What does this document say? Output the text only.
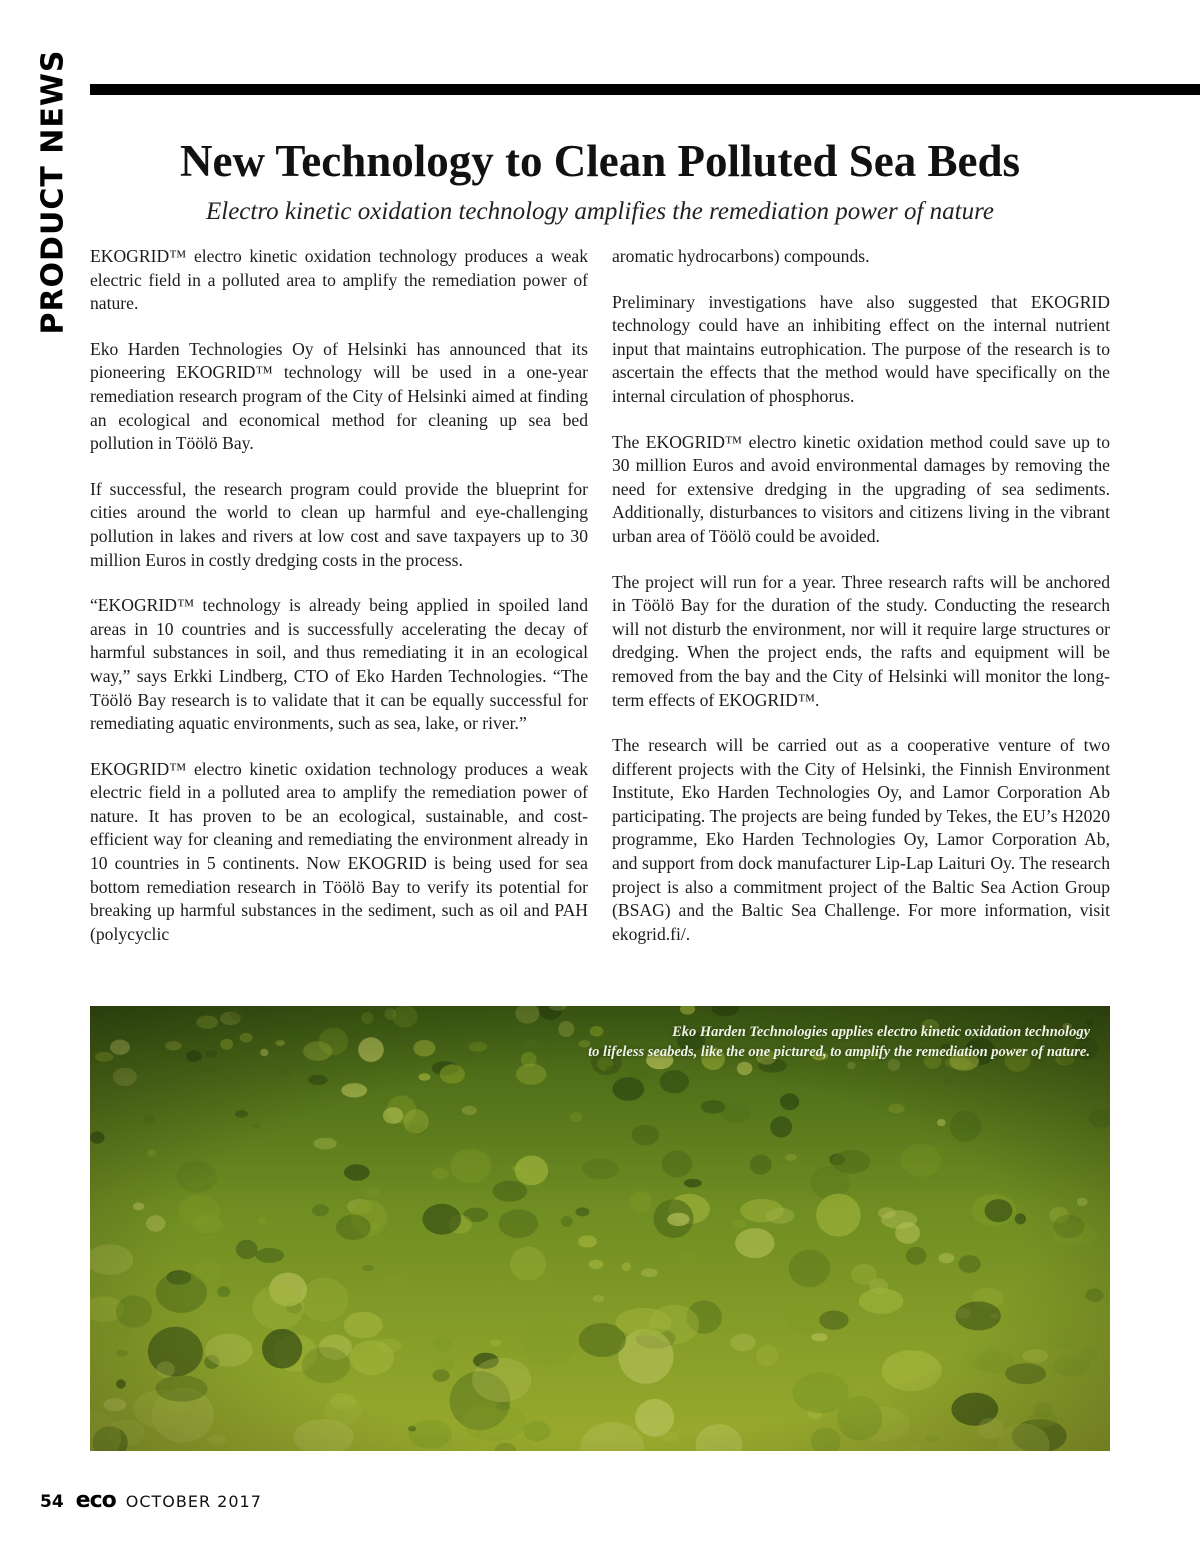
PRODUCT NEWS	New Technology to Clean Polluted Sea Beds
Electro kinetic oxidation technology amplifies the remediation power of nature

EKOGRID™ electro kinetic oxidation technology produces a weak electric field in a polluted area to amplify the remediation power of nature.

Eko Harden Technologies Oy of Helsinki has announced that its pioneering EKOGRID™ technology will be used in a one-year remediation research program of the City of Helsinki aimed at finding an ecological and economical method for cleaning up sea bed pollution in Töölö Bay.

If successful, the research program could provide the blueprint for cities around the world to clean up harmful and eye-challenging pollution in lakes and rivers at low cost and save taxpayers up to 30 million Euros in costly dredging costs in the process.

“EKOGRID™ technology is already being applied in spoiled land areas in 10 countries and is successfully accelerating the decay of harmful substances in soil, and thus remediating it in an ecological way,” says Erkki Lindberg, CTO of Eko Harden Technologies. “The Töölö Bay research is to validate that it can be equally successful for remediating aquatic environments, such as sea, lake, or river.”

EKOGRID™ electro kinetic oxidation technology produces a weak electric field in a polluted area to amplify the remediation power of nature. It has proven to be an ecological, sustainable, and cost-efficient way for cleaning and remediating the environment already in 10 countries in 5 continents. Now EKOGRID is being used for sea bottom remediation research in Töölö Bay to verify its potential for breaking up harmful substances in the sediment, such as oil and PAH (polycyclic

aromatic hydrocarbons) compounds.

Preliminary investigations have also suggested that EKOGRID technology could have an inhibiting effect on the internal nutrient input that maintains eutrophication. The purpose of the research is to ascertain the effects that the method would have specifically on the internal circulation of phosphorus.

The EKOGRID™ electro kinetic oxidation method could save up to 30 million Euros and avoid environmental damages by removing the need for extensive dredging in the upgrading of sea sediments. Additionally, disturbances to visitors and citizens living in the vibrant urban area of Töölö could be avoided.

The project will run for a year. Three research rafts will be anchored in Töölö Bay for the duration of the study. Conducting the research will not disturb the environment, nor will it require large structures or dredging. When the project ends, the rafts and equipment will be removed from the bay and the City of Helsinki will monitor the long-term effects of EKOGRID™.

The research will be carried out as a cooperative venture of two different projects with the City of Helsinki, the Finnish Environment Institute, Eko Harden Technologies Oy, and Lamor Corporation Ab participating. The projects are being funded by Tekes, the EU’s H2020 programme, Eko Harden Technologies Oy, Lamor Corporation Ab, and support from dock manufacturer Lip-Lap Laituri Oy. The research project is also a commitment project of the Baltic Sea Action Group (BSAG) and the Baltic Sea Challenge. For more information, visit ekogrid.fi/.

Eko Harden Technologies applies electro kinetic oxidation technology
to lifeless seabeds, like the one pictured, to amplify the remediation power of nature.
54 eco OCTOBER 2017
